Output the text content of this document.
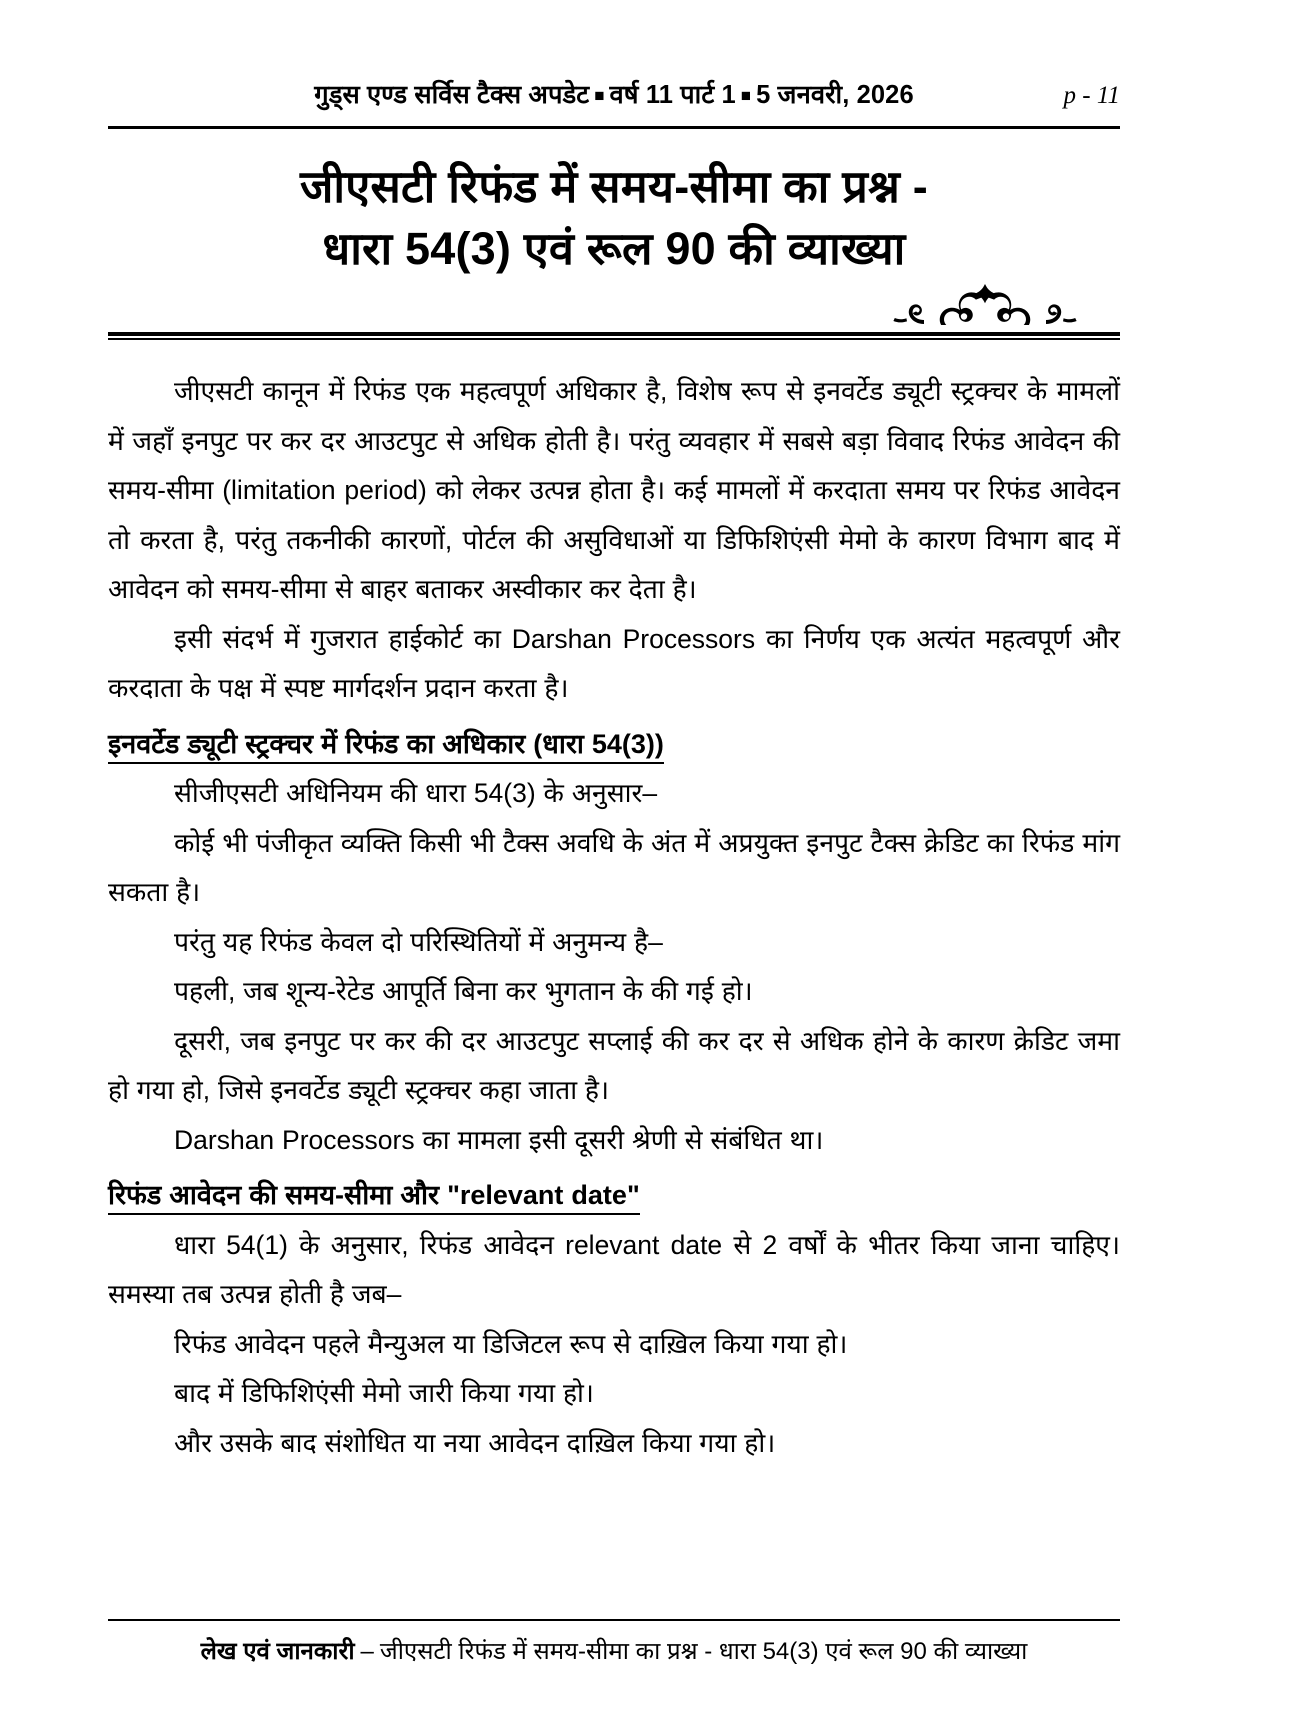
गुड्स एण्ड सर्विस टैक्स अपडेट ■ वर्ष 11 पार्ट 1 ■ 5 जनवरी, 2026	p - 11
जीएसटी रिफंड में समय-सीमा का प्रश्न -
धारा 54(3) एवं रूल 90 की व्याख्या

जीएसटी कानून में रिफंड एक महत्वपूर्ण अधिकार है, विशेष रूप से इनवर्टेड ड्यूटी स्ट्रक्चर के मामलों में जहाँ इनपुट पर कर दर आउटपुट से अधिक होती है। परंतु व्यवहार में सबसे बड़ा विवाद रिफंड आवेदन की समय-सीमा (limitation period) को लेकर उत्पन्न होता है। कई मामलों में करदाता समय पर रिफंड आवेदन तो करता है, परंतु तकनीकी कारणों, पोर्टल की असुविधाओं या डिफिशिएंसी मेमो के कारण विभाग बाद में आवेदन को समय-सीमा से बाहर बताकर अस्वीकार कर देता है।

इसी संदर्भ में गुजरात हाईकोर्ट का Darshan Processors का निर्णय एक अत्यंत महत्वपूर्ण और करदाता के पक्ष में स्पष्ट मार्गदर्शन प्रदान करता है।

इनवर्टेड ड्यूटी स्ट्रक्चर में रिफंड का अधिकार (धारा 54(3))

सीजीएसटी अधिनियम की धारा 54(3) के अनुसार–

कोई भी पंजीकृत व्यक्ति किसी भी टैक्स अवधि के अंत में अप्रयुक्त इनपुट टैक्स क्रेडिट का रिफंड मांग सकता है।

परंतु यह रिफंड केवल दो परिस्थितियों में अनुमन्य है–

पहली, जब शून्य-रेटेड आपूर्ति बिना कर भुगतान के की गई हो।

दूसरी, जब इनपुट पर कर की दर आउटपुट सप्लाई की कर दर से अधिक होने के कारण क्रेडिट जमा हो गया हो, जिसे इनवर्टेड ड्यूटी स्ट्रक्चर कहा जाता है।

Darshan Processors का मामला इसी दूसरी श्रेणी से संबंधित था।

रिफंड आवेदन की समय-सीमा और "relevant date"

धारा 54(1) के अनुसार, रिफंड आवेदन relevant date से 2 वर्षों के भीतर किया जाना चाहिए। समस्या तब उत्पन्न होती है जब–

रिफंड आवेदन पहले मैन्युअल या डिजिटल रूप से दाख़िल किया गया हो।

बाद में डिफिशिएंसी मेमो जारी किया गया हो।

और उसके बाद संशोधित या नया आवेदन दाख़िल किया गया हो।

लेख एवं जानकारी – जीएसटी रिफंड में समय-सीमा का प्रश्न - धारा 54(3) एवं रूल 90 की व्याख्या
